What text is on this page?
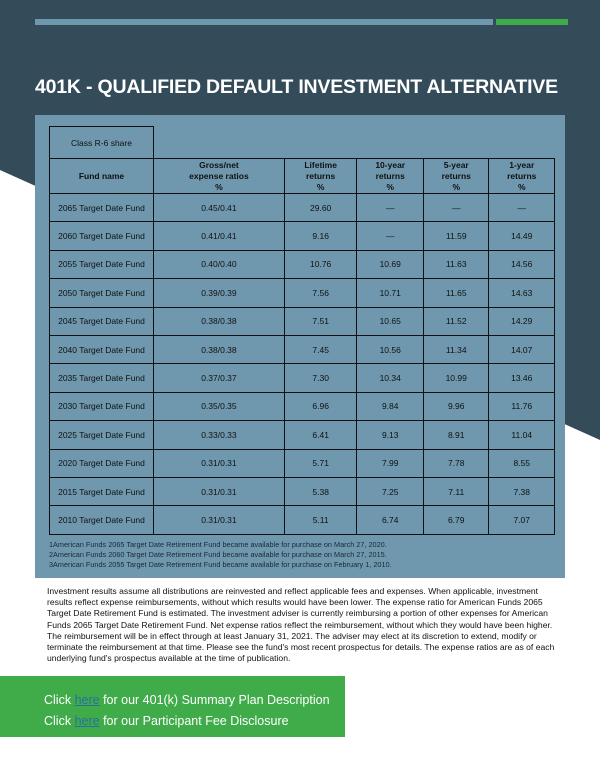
401K - QUALIFIED DEFAULT INVESTMENT ALTERNATIVE
Class R-6 share
Fund name

Gross/net
expense ratios
%

Lifetime
returns
%

10-year
returns
%

5-year
returns
%

1-year
returns
%

2065 Target Date Fund	0.45/0.41	29.60	—	—	—
2060 Target Date Fund	0.41/0.41	9.16	—	11.59	14.49
2055 Target Date Fund	0.40/0.40	10.76	10.69	11.63	14.56
2050 Target Date Fund	0.39/0.39	7.56	10.71	11.65	14.63
2045 Target Date Fund	0.38/0.38	7.51	10.65	11.52	14.29
2040 Target Date Fund	0.38/0.38	7.45	10.56	11.34	14.07
2035 Target Date Fund	0.37/0.37	7.30	10.34	10.99	13.46
2030 Target Date Fund	0.35/0.35	6.96	9.84	9.96	11.76
2025 Target Date Fund	0.33/0.33	6.41	9.13	8.91	11.04
2020 Target Date Fund	0.31/0.31	5.71	7.99	7.78	8.55
2015 Target Date Fund	0.31/0.31	5.38	7.25	7.11	7.38
2010 Target Date Fund	0.31/0.31	5.11	6.74	6.79	7.07
1American Funds 2065 Target Date Retirement Fund became available for purchase on March 27, 2020.
2American Funds 2060 Target Date Retirement Fund became available for purchase on March 27, 2015.
3American Funds 2055 Target Date Retirement Fund became available for purchase on February 1, 2010.
Investment results assume all distributions are reinvested and reflect applicable fees and expenses. When applicable, investment results reflect expense reimbursements, without which results would have been lower. The expense ratio for American Funds 2065 Target Date Retirement Fund is estimated. The investment adviser is currently reimbursing a portion of other expenses for American Funds 2065 Target Date Retirement Fund. Net expense ratios reflect the reimbursement, without which they would have been higher. The reimbursement will be in effect through at least January 31, 2021. The adviser may elect at its discretion to extend, modify or terminate the reimbursement at that time. Please see the fund's most recent prospectus for details. The expense ratios are as of each underlying fund's prospectus available at the time of publication.
Click here for our 401(k) Summary Plan Description
Click here for our Participant Fee Disclosure
